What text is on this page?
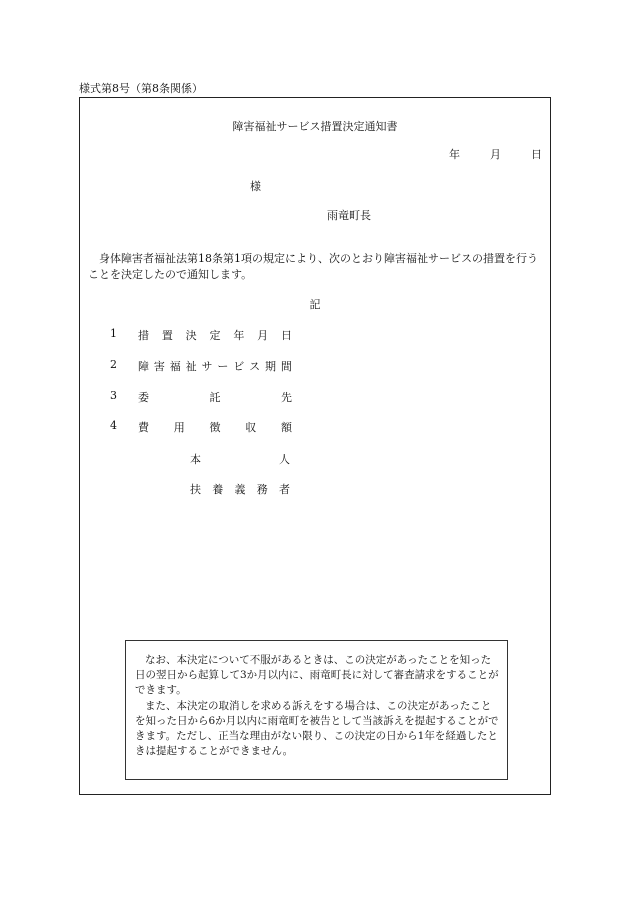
様式第8号（第8条関係）
障害福祉サービス措置決定通知書
年	月	日
様
雨竜町長
身体障害者福祉法第18条第1項の規定により、次のとおり障害福祉サービスの措置を行うことを決定したので通知します。
記
1 措 置 決 定 年 月 日
2 障 害 福 祉 サ ー ビ ス 期 間
3 委	託	先
4 費 用 徴 収 額
本	人
扶 養 義 務 者

なお、本決定について不服があるときは、この決定があったことを知った日の翌日から起算して3か月以内に、雨竜町長に対して審査請求をすることができます。

また、本決定の取消しを求める訴えをする場合は、この決定があったことを知った日から6か月以内に雨竜町を被告として当該訴えを提起することができます。ただし、正当な理由がない限り、この決定の日から1年を経過したときは提起することができません。
